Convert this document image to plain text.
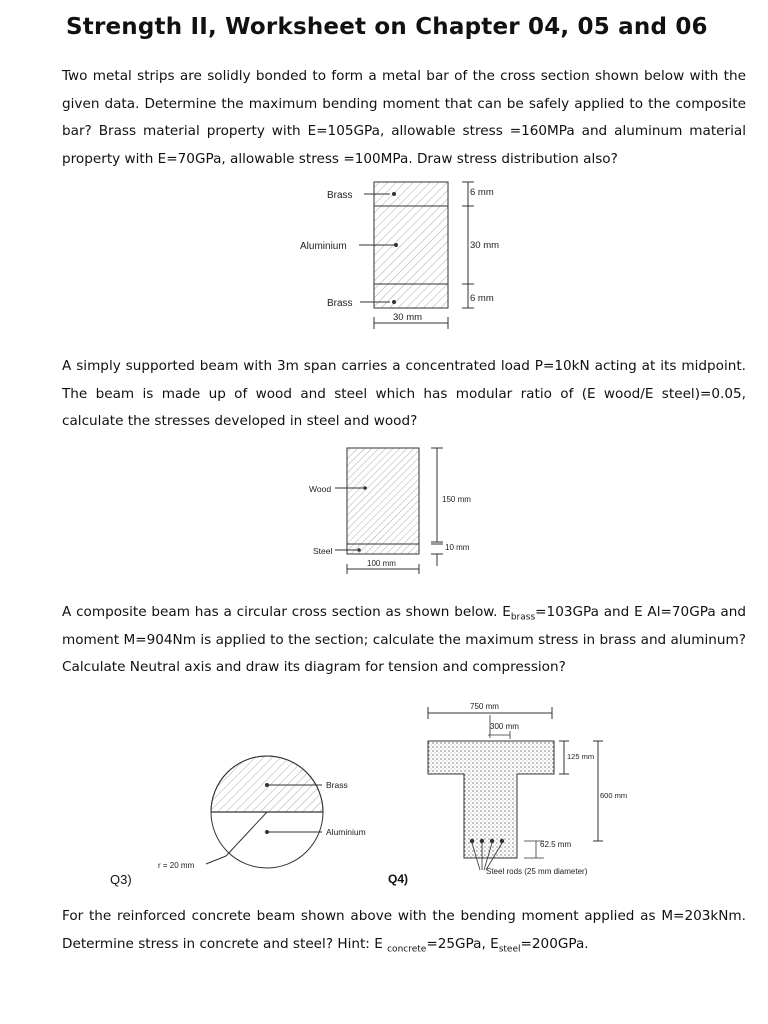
Strength II, Worksheet on Chapter 04, 05 and 06
Two metal strips are solidly bonded to form a metal bar of the cross section shown below with the given data. Determine the maximum bending moment that can be safely applied to the composite bar? Brass material property with E=105GPa, allowable stress =160MPa and aluminum material property with E=70GPa, allowable stress =100MPa. Draw stress distribution also?
Brass
Aluminium
Brass
6 mm
30 mm
6 mm
30 mm
A simply supported beam with 3m span carries a concentrated load P=10kN acting at its midpoint. The beam is made up of wood and steel which has modular ratio of (E wood/E steel)=0.05, calculate the stresses developed in steel and wood?
Wood
Steel
150 mm
10 mm
100 mm
A composite beam has a circular cross section as shown below. $E_{brass}=103GPa$ and E Al=70GPa and moment M=904Nm is applied to the section; calculate the maximum stress in brass and aluminum? Calculate Neutral axis and draw its diagram for tension and compression?
Brass
Aluminium
r = 20 mm
Q3)
Steel rods (25 mm diameter)
750 mm
300 mm
125 mm
600 mm
62.5 mm
Q4)
For the reinforced concrete beam shown above with the bending moment applied as M=203kNm. Determine stress in concrete and steel? Hint: E $_{concrete}$=25GPa, $E_{steel}=200GPa$.
